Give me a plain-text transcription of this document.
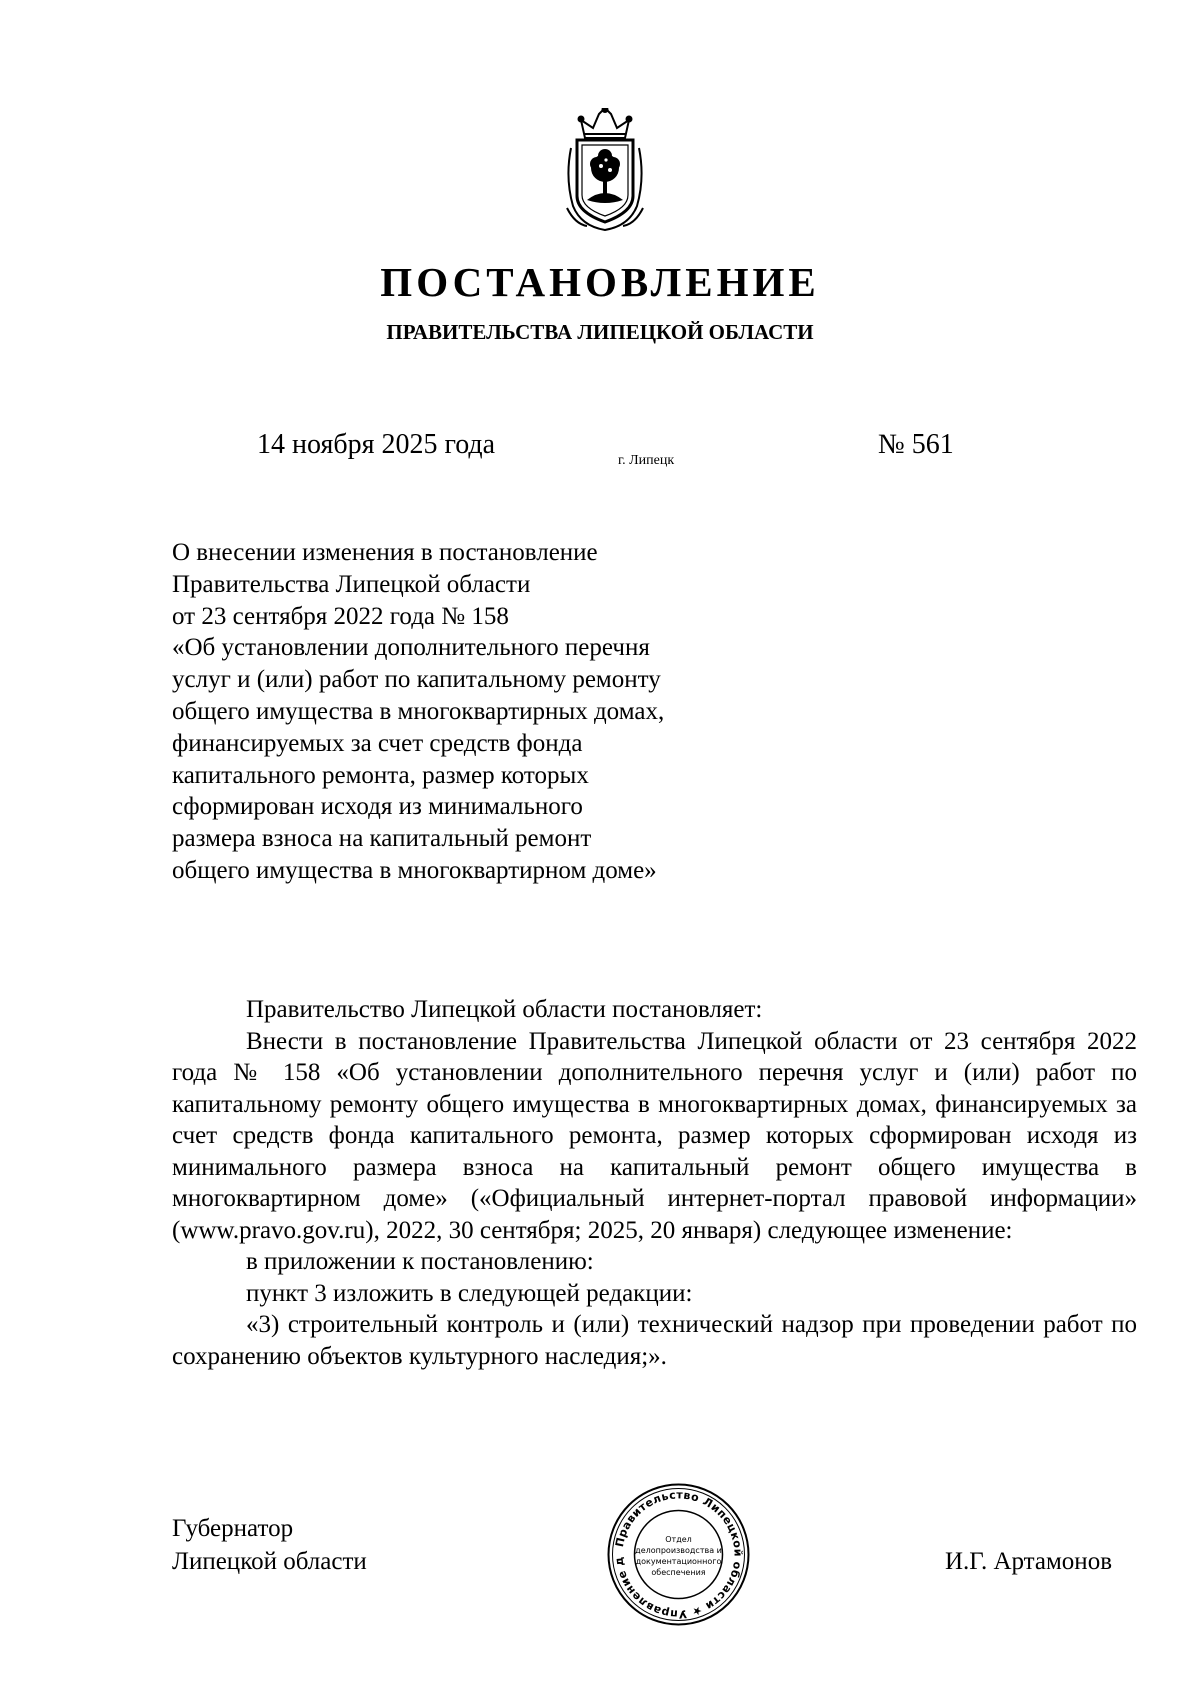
ПОСТАНОВЛЕНИЕ
ПРАВИТЕЛЬСТВА ЛИПЕЦКОЙ ОБЛАСТИ
14 ноября 2025 года
г. Липецк
№ 561
О внесении изменения в постановление
Правительства Липецкой области
от 23 сентября 2022 года № 158
«Об установлении дополнительного перечня
услуг и (или) работ по капитальному ремонту
общего имущества в многоквартирных домах,
финансируемых за счет средств фонда
капитального ремонта, размер которых
сформирован исходя из минимального
размера взноса на капитальный ремонт
общего имущества в многоквартирном доме»

Правительство Липецкой области постановляет:

Внести в постановление Правительства Липецкой области от 23 сентября 2022 года № 158 «Об установлении дополнительного перечня услуг и (или) работ по капитальному ремонту общего имущества в многоквартирных домах, финансируемых за счет средств фонда капитального ремонта, размер которых сформирован исходя из минимального размера взноса на капитальный ремонт общего имущества в многоквартирном доме» («Официальный интернет-портал правовой информации» (www.pravo.gov.ru), 2022, 30 сентября; 2025, 20 января) следующее изменение:

в приложении к постановлению:

пункт 3 изложить в следующей редакции:

«3) строительный контроль и (или) технический надзор при проведении работ по сохранению объектов культурного наследия;».

Губернатор
Липецкой области
Правительство Липецкой области ★ Управление д
Отдел
делопроизводства и
документационного
обеспечения	И.Г. Артамонов
